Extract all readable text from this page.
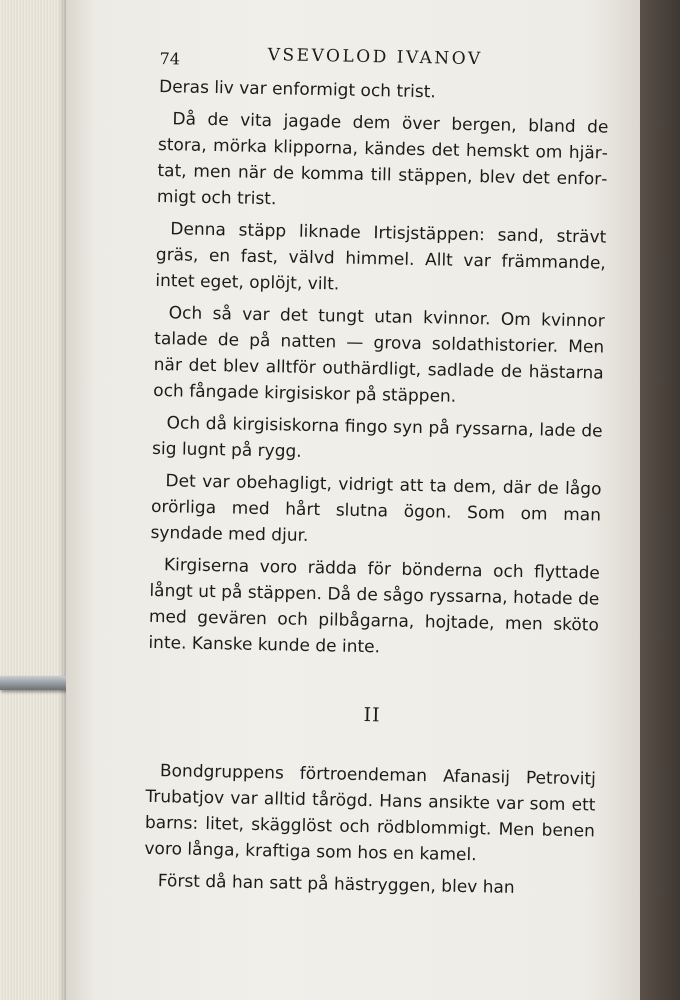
74	VSEVOLOD IVANOV

Deras liv var enformigt och trist.

Då de vita jagade dem över bergen, bland de stora, mörka klipporna, kändes det hemskt om hjärtat, men när de komma till stäppen, blev det enformigt och trist.

Denna stäpp liknade Irtisjstäppen: sand, strävt gräs, en fast, välvd himmel. Allt var främmande, intet eget, oplöjt, vilt.

Och så var det tungt utan kvinnor. Om kvinnor talade de på natten — grova soldathistorier. Men när det blev alltför outhärdligt, sadlade de hästarna och fångade kirgisiskor på stäppen.

Och då kirgisiskorna fingo syn på ryssarna, lade de sig lugnt på rygg.

Det var obehagligt, vidrigt att ta dem, där de lågo orörliga med hårt slutna ögon. Som om man syndade med djur.

Kirgiserna voro rädda för bönderna och flyttade långt ut på stäppen. Då de sågo ryssarna, hotade de med gevären och pilbågarna, hojtade, men sköto inte. Kanske kunde de inte.

II

Bondgruppens förtroendeman Afanasij Petrovitj Trubatjov var alltid tårögd. Hans ansikte var som ett barns: litet, skägglöst och rödblommigt. Men benen voro långa, kraftiga som hos en kamel.

Först då han satt på hästryggen, blev han
